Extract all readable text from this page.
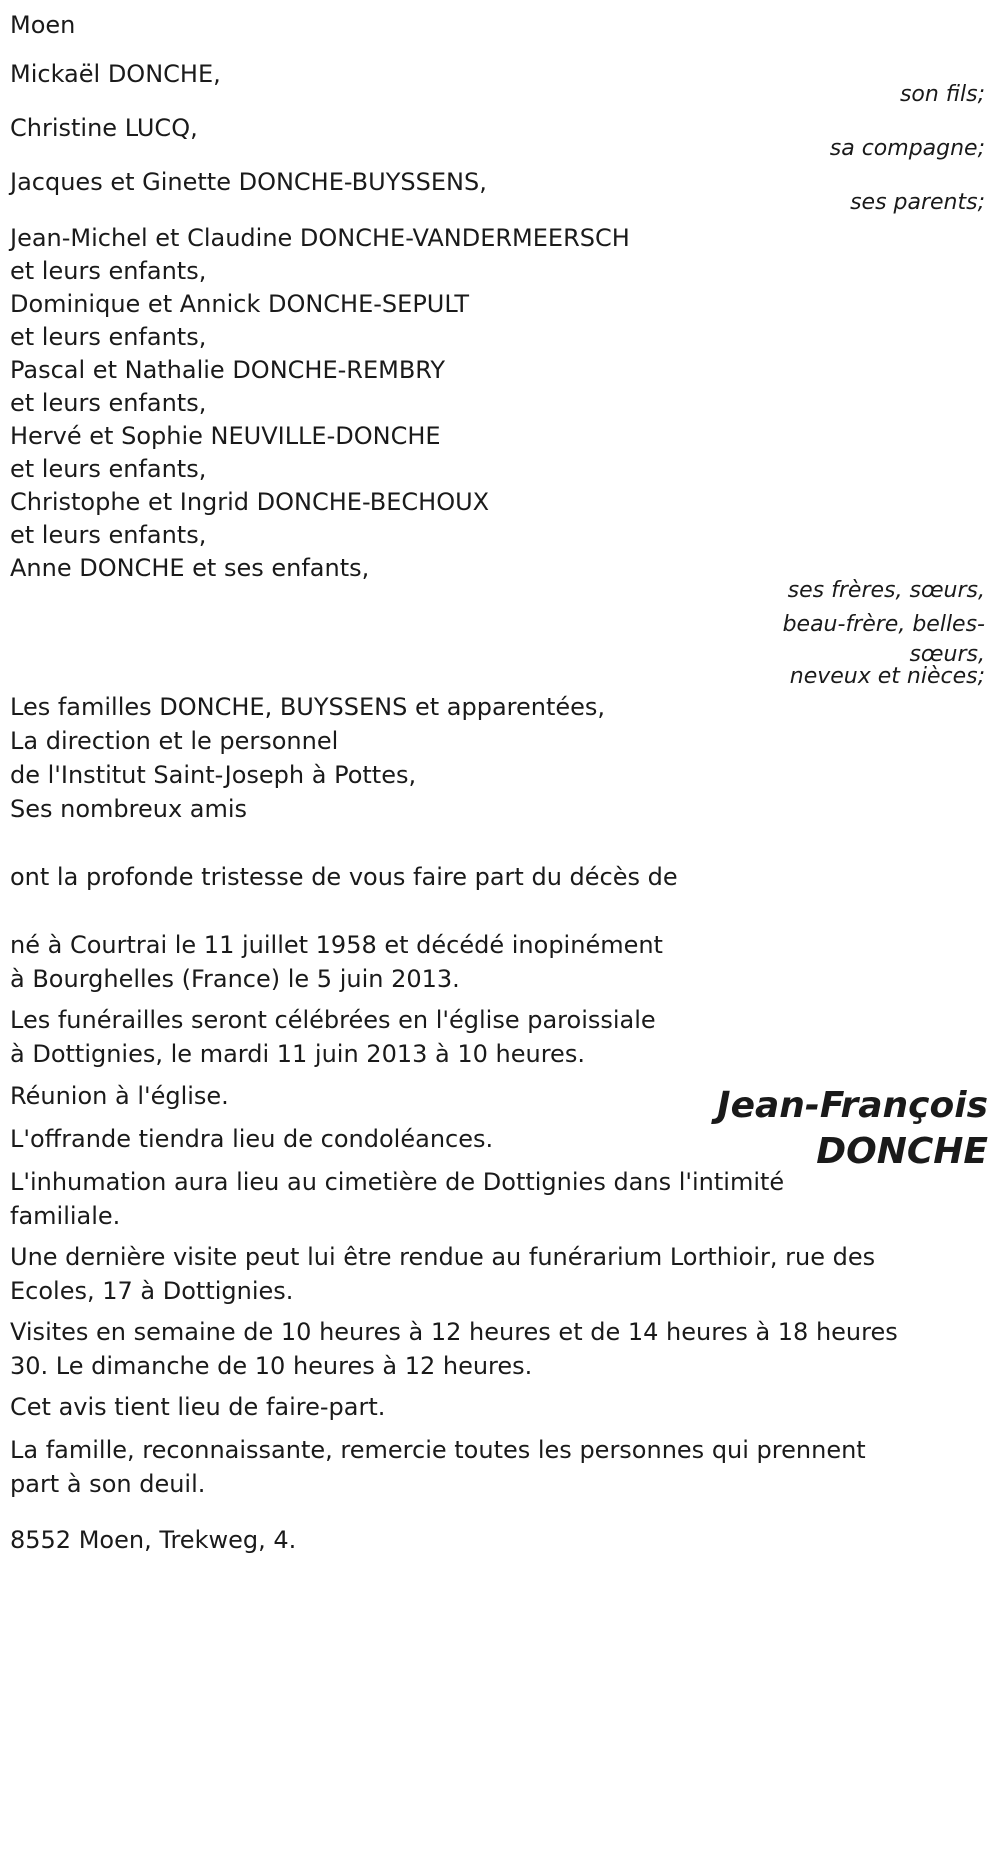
Moen
Mickaël DONCHE,
son fils;
Christine LUCQ,
sa compagne;
Jacques et Ginette DONCHE-BUYSSENS,
ses parents;
Jean-Michel et Claudine DONCHE-VANDERMEERSCH
et leurs enfants,
Dominique et Annick DONCHE-SEPULT
et leurs enfants,
Pascal et Nathalie DONCHE-REMBRY
et leurs enfants,
Hervé et Sophie NEUVILLE-DONCHE
et leurs enfants,
Christophe et Ingrid DONCHE-BECHOUX
et leurs enfants,
Anne DONCHE et ses enfants,
ses frères, sœurs,
beau-frère, belles-
sœurs,
neveux et nièces;
Les familles DONCHE, BUYSSENS et apparentées,
La direction et le personnel
de l'Institut Saint-Joseph à Pottes,
Ses nombreux amis
ont la profonde tristesse de vous faire part du décès de
Jean-François
DONCHE
né à Courtrai le 11 juillet 1958 et décédé inopinément
à Bourghelles (France) le 5 juin 2013.
Les funérailles seront célébrées en l'église paroissiale
à Dottignies, le mardi 11 juin 2013 à 10 heures.
Réunion à l'église.
L'offrande tiendra lieu de condoléances.
L'inhumation aura lieu au cimetière de Dottignies dans l'intimité
familiale.
Une dernière visite peut lui être rendue au funérarium Lorthioir, rue des
Ecoles, 17 à Dottignies.
Visites en semaine de 10 heures à 12 heures et de 14 heures à 18 heures
30. Le dimanche de 10 heures à 12 heures.
Cet avis tient lieu de faire-part.
La famille, reconnaissante, remercie toutes les personnes qui prennent
part à son deuil.
8552 Moen, Trekweg, 4.
